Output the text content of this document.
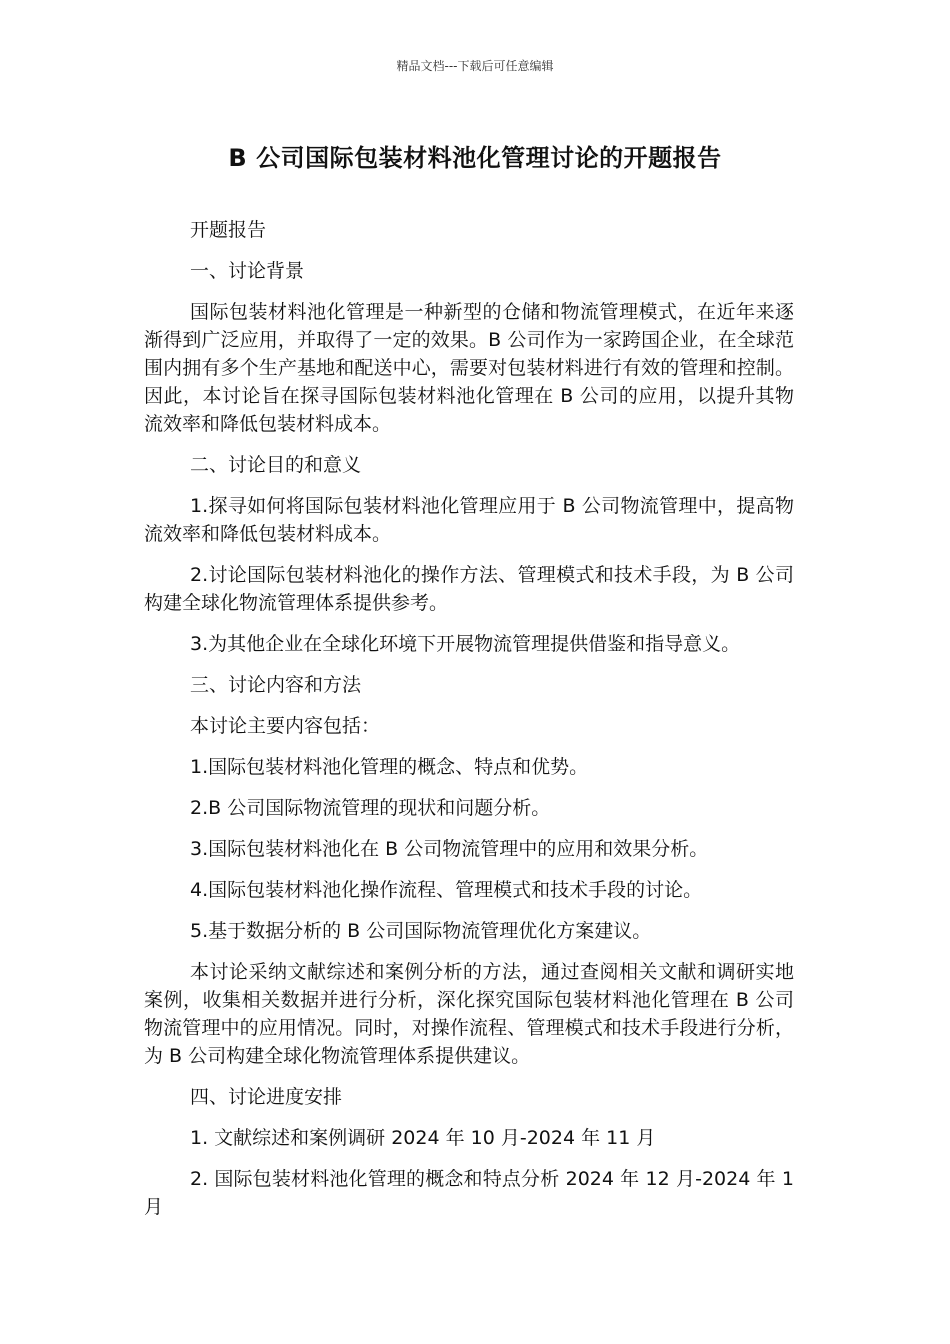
精品文档---下载后可任意编辑
B 公司国际包装材料池化管理讨论的开题报告
开题报告
一、讨论背景
国际包装材料池化管理是一种新型的仓储和物流管理模式，在近年来逐渐得到广泛应用，并取得了一定的效果。B 公司作为一家跨国企业，在全球范围内拥有多个生产基地和配送中心，需要对包装材料进行有效的管理和控制。因此，本讨论旨在探寻国际包装材料池化管理在 B 公司的应用，以提升其物流效率和降低包装材料成本。
二、讨论目的和意义
1.探寻如何将国际包装材料池化管理应用于 B 公司物流管理中，提高物流效率和降低包装材料成本。
2.讨论国际包装材料池化的操作方法、管理模式和技术手段，为 B 公司构建全球化物流管理体系提供参考。
3.为其他企业在全球化环境下开展物流管理提供借鉴和指导意义。
三、讨论内容和方法
本讨论主要内容包括：
1.国际包装材料池化管理的概念、特点和优势。
2.B 公司国际物流管理的现状和问题分析。
3.国际包装材料池化在 B 公司物流管理中的应用和效果分析。
4.国际包装材料池化操作流程、管理模式和技术手段的讨论。
5.基于数据分析的 B 公司国际物流管理优化方案建议。
本讨论采纳文献综述和案例分析的方法，通过查阅相关文献和调研实地案例，收集相关数据并进行分析，深化探究国际包装材料池化管理在 B 公司物流管理中的应用情况。同时，对操作流程、管理模式和技术手段进行分析，为 B 公司构建全球化物流管理体系提供建议。
四、讨论进度安排
1. 文献综述和案例调研 2024 年 10 月-2024 年 11 月
2. 国际包装材料池化管理的概念和特点分析 2024 年 12 月-2024 年 1 月
